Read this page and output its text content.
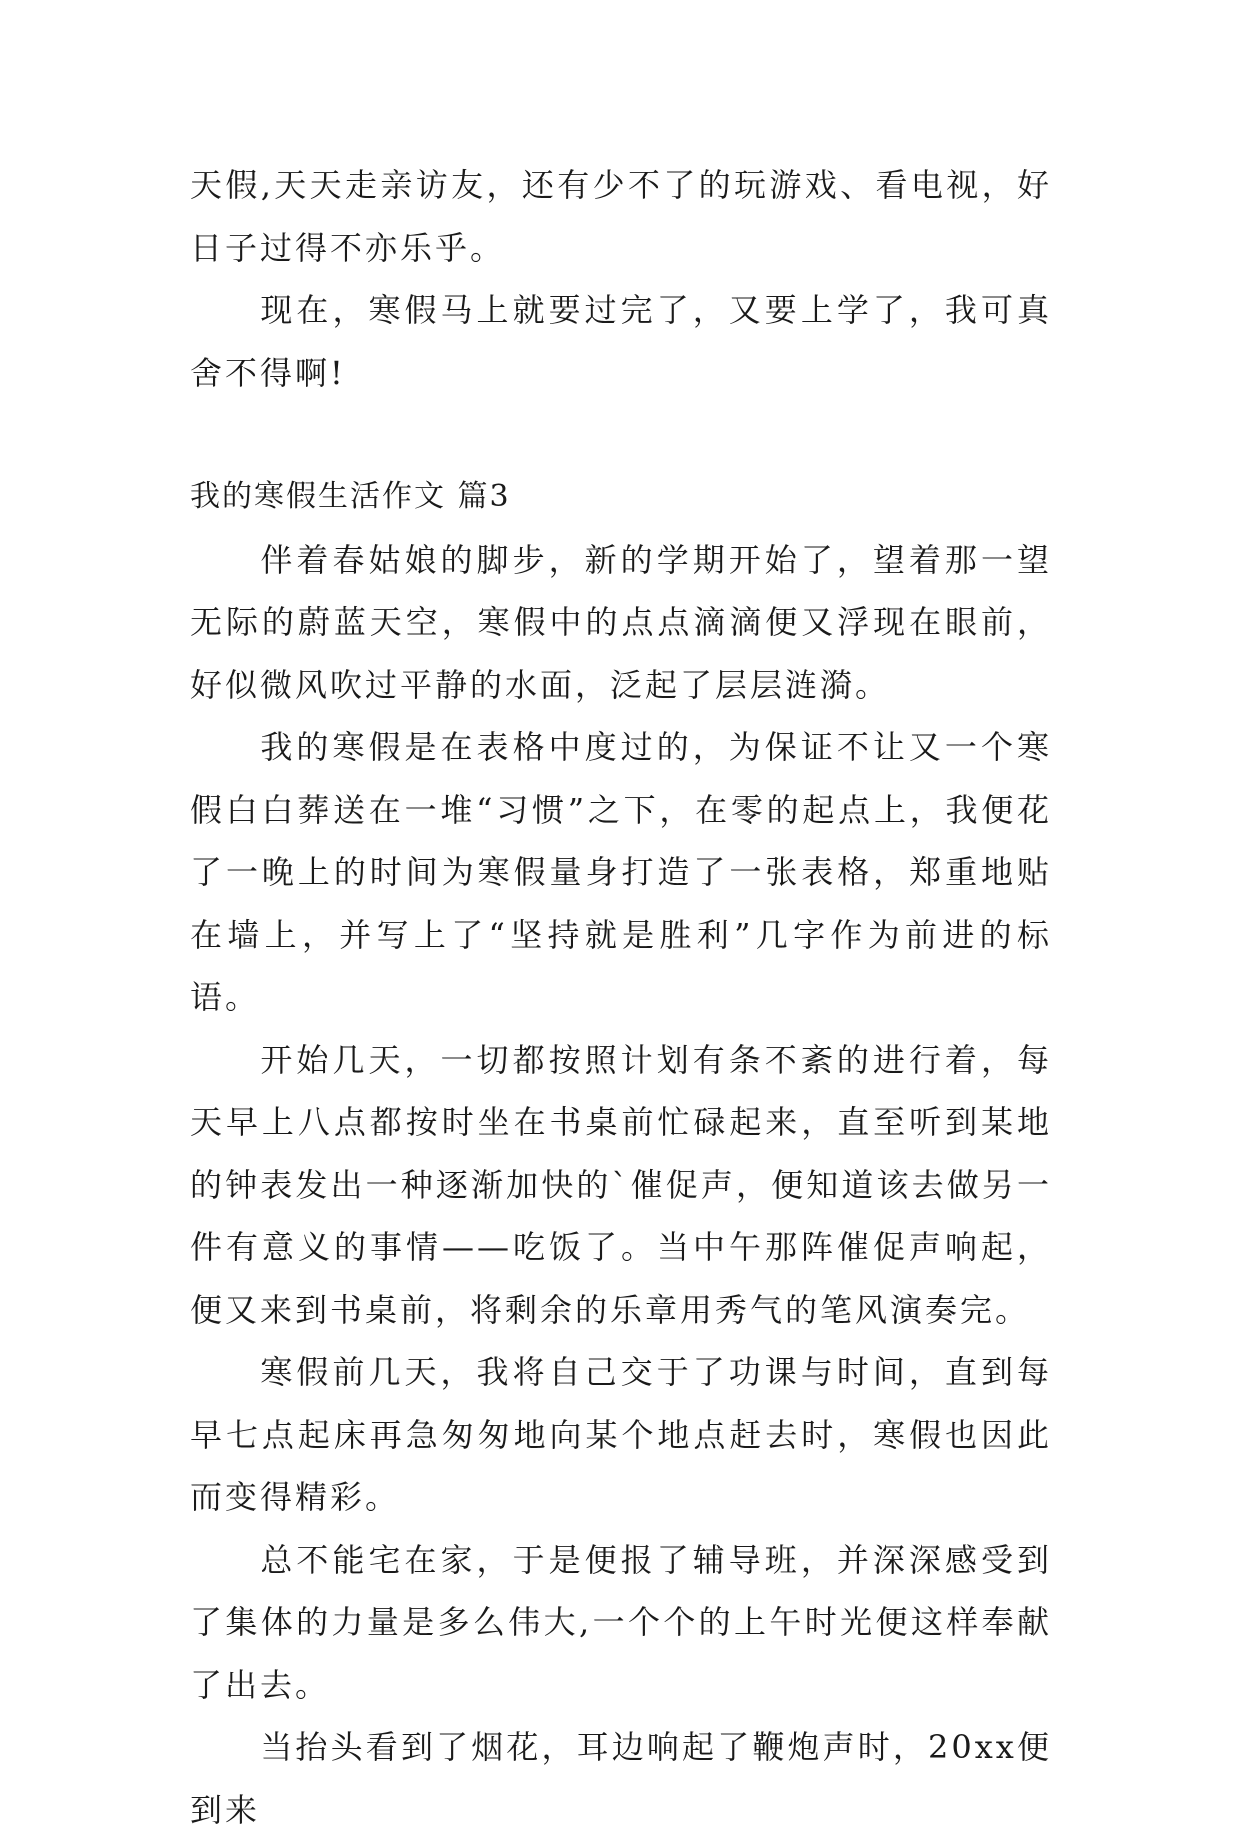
天假,天天走亲访友，还有少不了的玩游戏、看电视，好日子过得不亦乐乎。

现在，寒假马上就要过完了，又要上学了，我可真舍不得啊!

我的寒假生活作文 篇3

伴着春姑娘的脚步，新的学期开始了，望着那一望无际的蔚蓝天空，寒假中的点点滴滴便又浮现在眼前，好似微风吹过平静的水面，泛起了层层涟漪。

我的寒假是在表格中度过的，为保证不让又一个寒假白白葬送在一堆“习惯”之下，在零的起点上，我便花了一晚上的时间为寒假量身打造了一张表格，郑重地贴在墙上，并写上了“坚持就是胜利”几字作为前进的标语。

开始几天，一切都按照计划有条不紊的进行着，每天早上八点都按时坐在书桌前忙碌起来，直至听到某地的钟表发出一种逐渐加快的`催促声，便知道该去做另一件有意义的事情——吃饭了。当中午那阵催促声响起，便又来到书桌前，将剩余的乐章用秀气的笔风演奏完。

寒假前几天，我将自己交于了功课与时间，直到每早七点起床再急匆匆地向某个地点赶去时，寒假也因此而变得精彩。

总不能宅在家，于是便报了辅导班，并深深感受到了集体的力量是多么伟大,一个个的上午时光便这样奉献了出去。

当抬头看到了烟花，耳边响起了鞭炮声时，20xx便到来
